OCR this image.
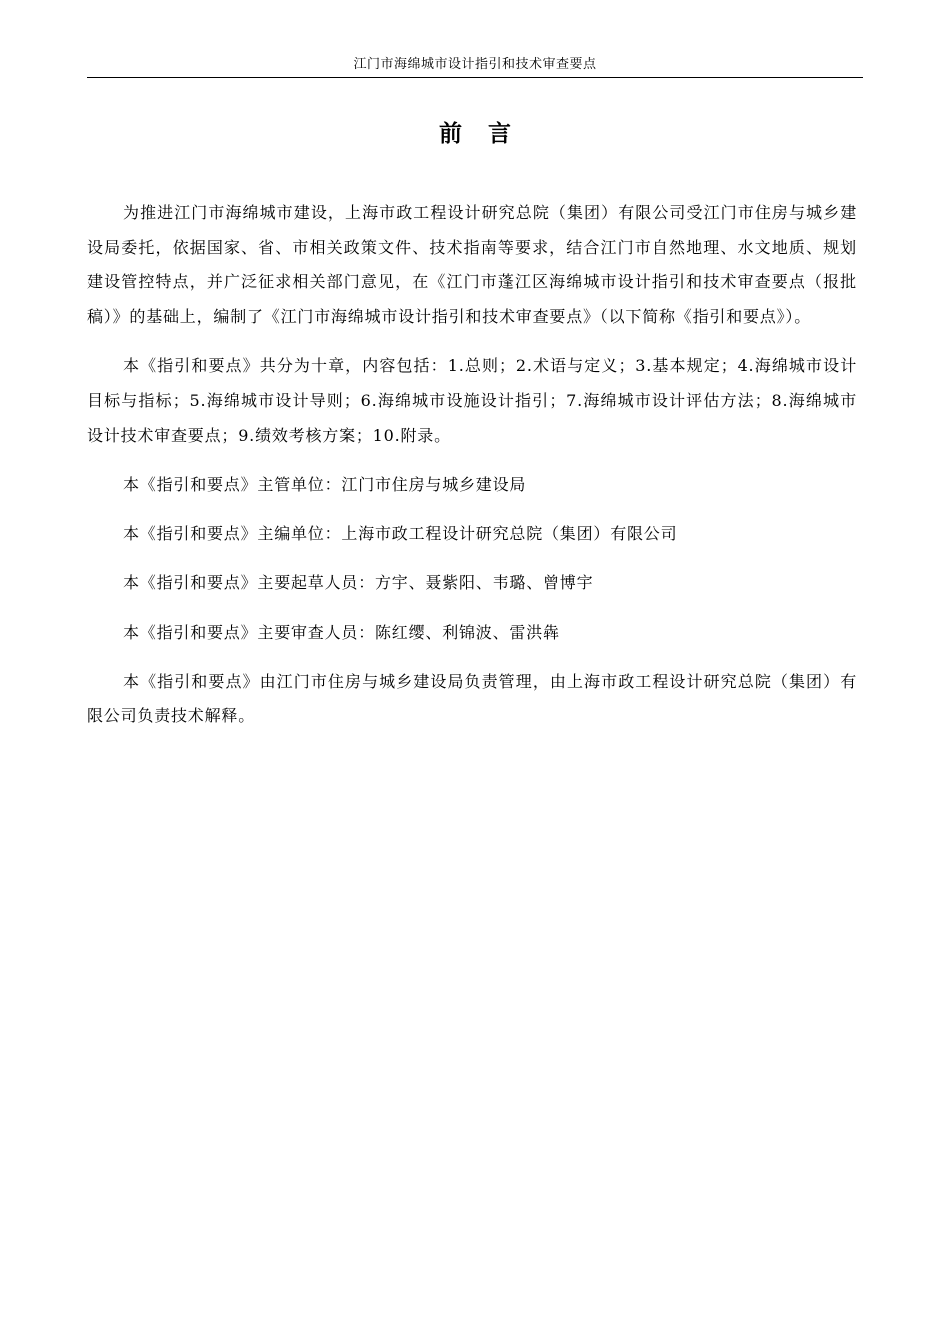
江门市海绵城市设计指引和技术审查要点
前 言

为推进江门市海绵城市建设，上海市政工程设计研究总院（集团）有限公司受江门市住房与城乡建设局委托，依据国家、省、市相关政策文件、技术指南等要求，结合江门市自然地理、水文地质、规划建设管控特点，并广泛征求相关部门意见，在《江门市蓬江区海绵城市设计指引和技术审查要点（报批稿）》的基础上，编制了《江门市海绵城市设计指引和技术审查要点》（以下简称《指引和要点》）。

本《指引和要点》共分为十章，内容包括：1.总则；2.术语与定义；3.基本规定；4.海绵城市设计目标与指标；5.海绵城市设计导则；6.海绵城市设施设计指引；7.海绵城市设计评估方法；8.海绵城市设计技术审查要点；9.绩效考核方案；10.附录。

本《指引和要点》主管单位：江门市住房与城乡建设局

本《指引和要点》主编单位：上海市政工程设计研究总院（集团）有限公司

本《指引和要点》主要起草人员：方宇、聂紫阳、韦璐、曾博宇

本《指引和要点》主要审查人员：陈红缨、利锦波、雷洪犇

本《指引和要点》由江门市住房与城乡建设局负责管理，由上海市政工程设计研究总院（集团）有限公司负责技术解释。
